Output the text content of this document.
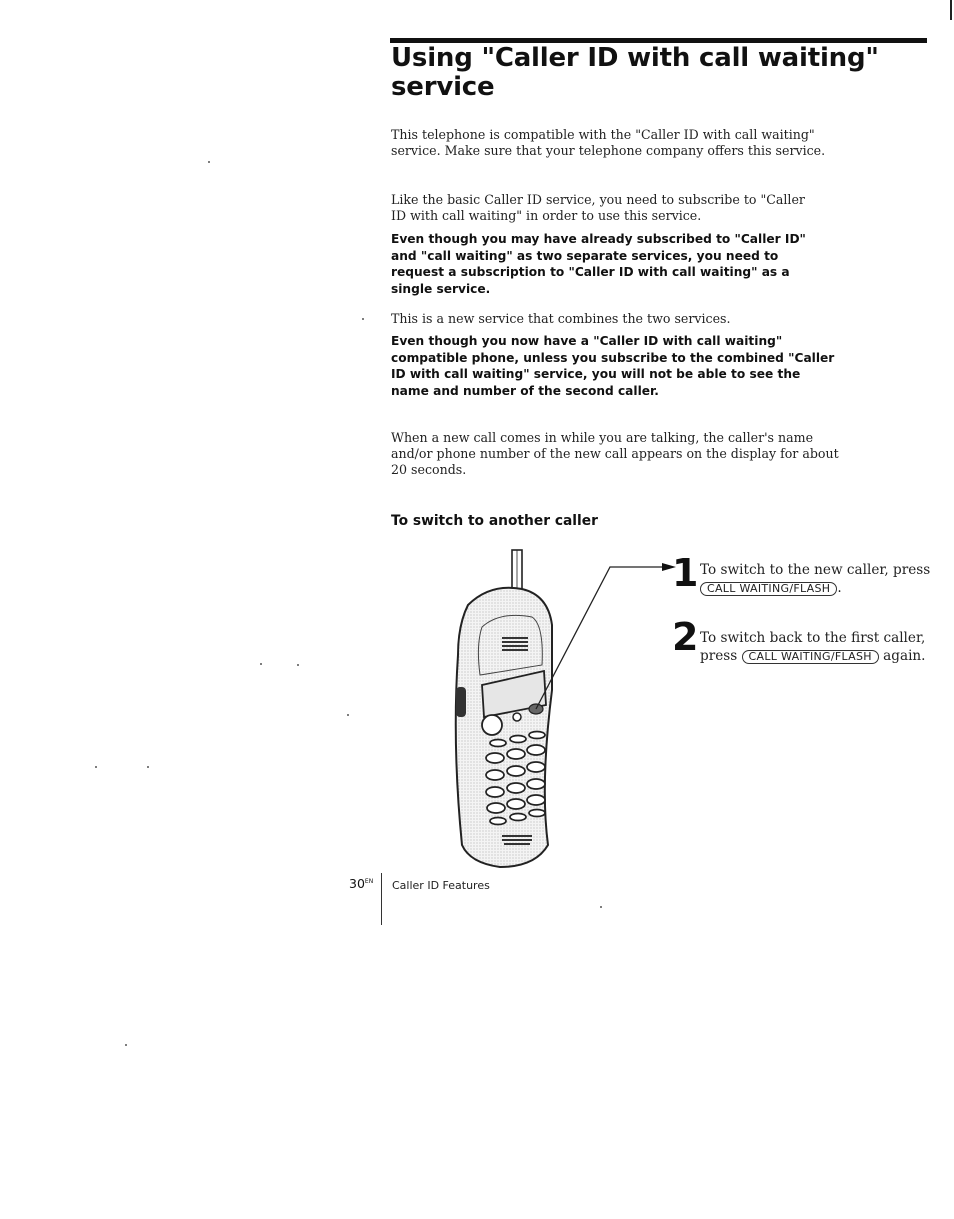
Using "Caller ID with call waiting" service

This telephone is compatible with the "Caller ID with call waiting" service. Make sure that your telephone company offers this service.

Like the basic Caller ID service, you need to subscribe to "Caller ID with call waiting" in order to use this service.

Even though you may have already subscribed to "Caller ID" and "call waiting" as two separate services, you need to request a subscription to "Caller ID with call waiting" as a single service.

This is a new service that combines the two services.

Even though you now have a "Caller ID with call waiting" compatible phone, unless you subscribe to the combined "Caller ID with call waiting" service, you will not be able to see the name and number of the second caller.

When a new call comes in while you are talking, the caller's name and/or phone number of the new call appears on the display for about 20 seconds.

To switch to another caller
1 To switch to the new caller, press CALL WAITING/FLASH .

2 To switch back to the first caller, press CALL WAITING/FLASH again.

$30^{EN}$ Caller ID Features
